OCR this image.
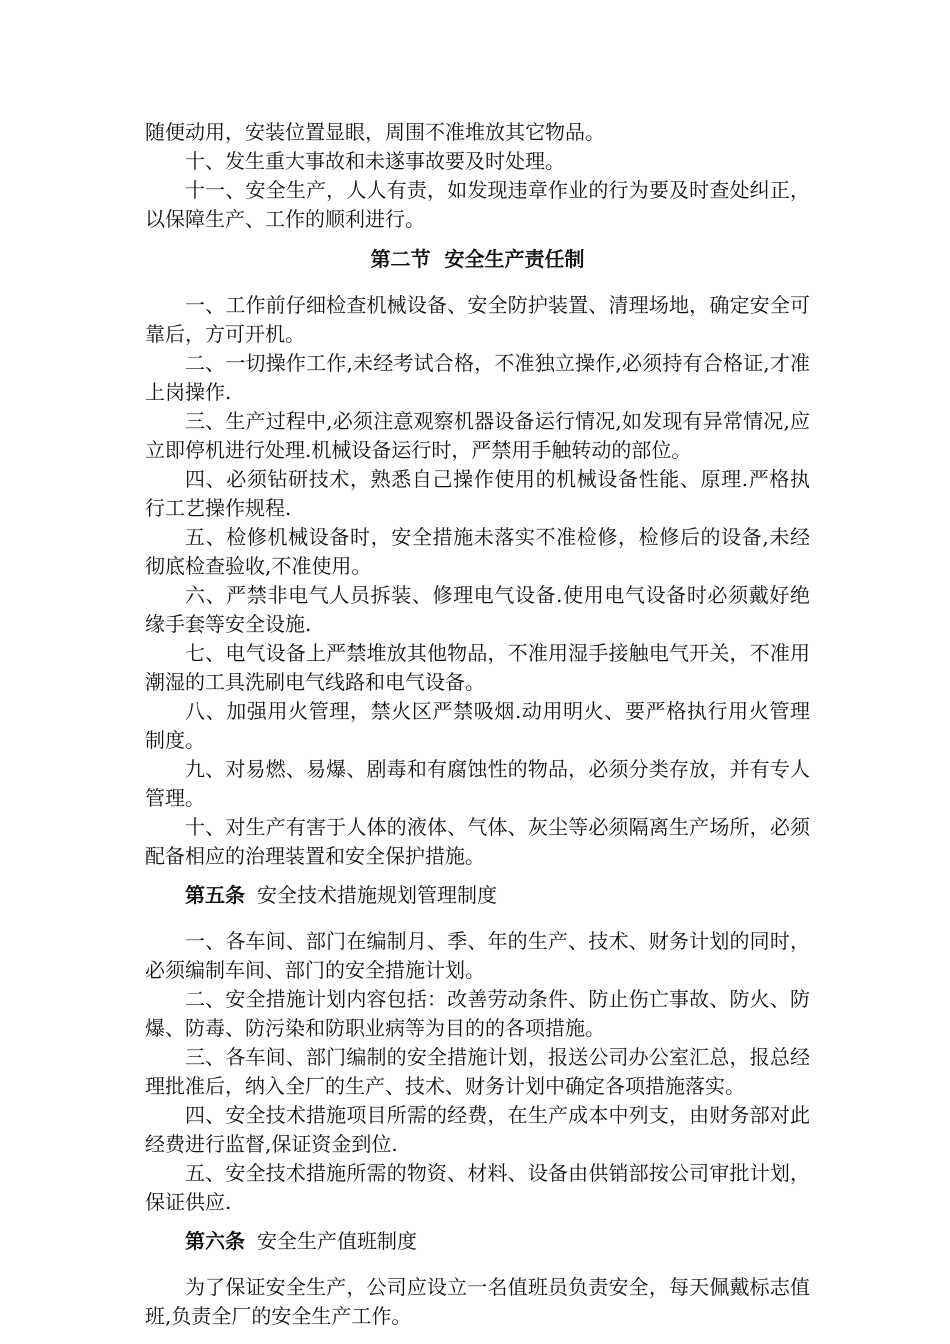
随便动用，安装位置显眼，周围不准堆放其它物品。

十、发生重大事故和未遂事故要及时处理。

十一、安全生产，人人有责，如发现违章作业的行为要及时查处纠正，以保障生产、工作的顺利进行。

第二节  安全生产责任制

一、工作前仔细检查机械设备、安全防护装置、清理场地，确定安全可靠后，方可开机。

二、一切操作工作,未经考试合格，不准独立操作,必须持有合格证,才准上岗操作.

三、生产过程中,必须注意观察机器设备运行情况,如发现有异常情况,应立即停机进行处理.机械设备运行时，严禁用手触转动的部位。

四、必须钻研技术，熟悉自己操作使用的机械设备性能、原理.严格执行工艺操作规程.

五、检修机械设备时，安全措施未落实不准检修，检修后的设备,未经彻底检查验收,不准使用。

六、严禁非电气人员拆装、修理电气设备.使用电气设备时必须戴好绝缘手套等安全设施.

七、电气设备上严禁堆放其他物品，不准用湿手接触电气开关，不准用潮湿的工具洗刷电气线路和电气设备。

八、加强用火管理，禁火区严禁吸烟.动用明火、要严格执行用火管理制度。

九、对易燃、易爆、剧毒和有腐蚀性的物品，必须分类存放，并有专人管理。

十、对生产有害于人体的液体、气体、灰尘等必须隔离生产场所，必须配备相应的治理装置和安全保护措施。

第五条 安全技术措施规划管理制度

一、各车间、部门在编制月、季、年的生产、技术、财务计划的同时，必须编制车间、部门的安全措施计划。

二、安全措施计划内容包括：改善劳动条件、防止伤亡事故、防火、防爆、防毒、防污染和防职业病等为目的的各项措施。

三、各车间、部门编制的安全措施计划，报送公司办公室汇总，报总经理批准后，纳入全厂的生产、技术、财务计划中确定各项措施落实。

四、安全技术措施项目所需的经费，在生产成本中列支，由财务部对此经费进行监督,保证资金到位.

五、安全技术措施所需的物资、材料、设备由供销部按公司审批计划，保证供应.

第六条 安全生产值班制度

为了保证安全生产，公司应设立一名值班员负责安全，每天佩戴标志值班,负责全厂的安全生产工作。
